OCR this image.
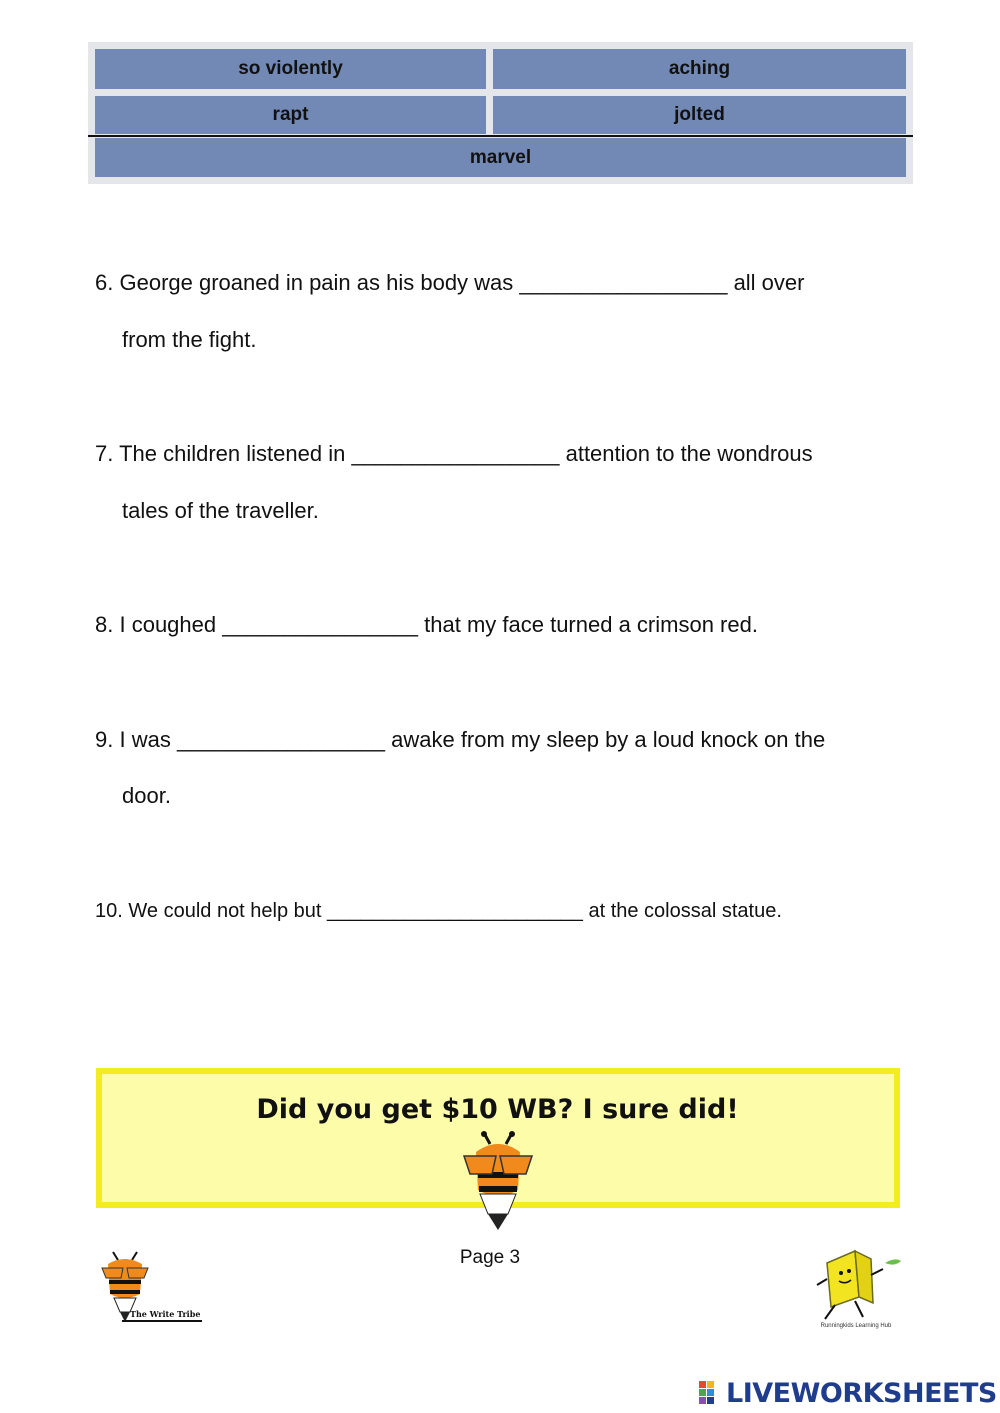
so violently	aching
rapt	jolted
marvel
6. George groaned in pain as his body was _________________ all over
from the fight.
7. The children listened in _________________ attention to the wondrous
tales of the traveller.
8. I coughed ________________ that my face turned a crimson red.
9. I was _________________ awake from my sleep by a loud knock on the
door.
10. We could not help but _______________________ at the colossal statue.
Did you get $10 WB? I sure did!
Page 3
The Write Tribe
Runningkids Learning Hub
LIVEWORKSHEETS
